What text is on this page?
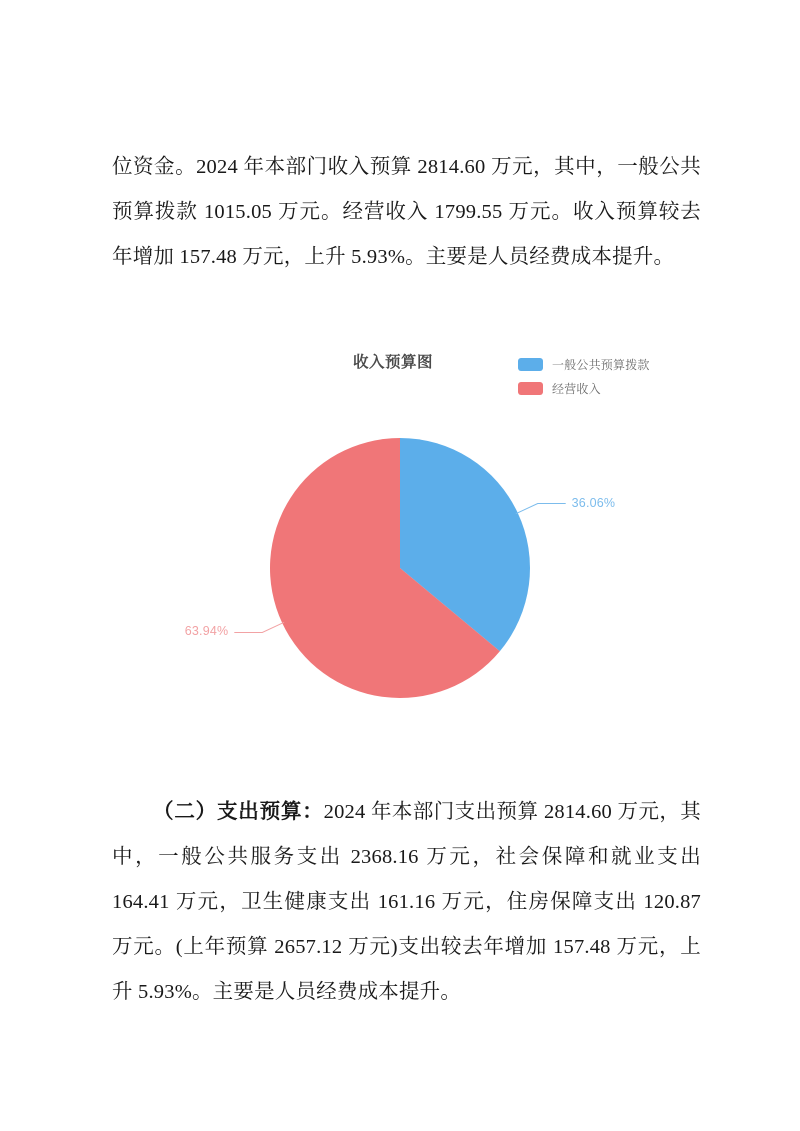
位资金。2024 年本部门收入预算 2814.60 万元，其中，一般公共预算拨款 1015.05 万元。经营收入 1799.55 万元。收入预算较去年增加 157.48 万元，上升 5.93%。主要是人员经费成本提升。
收入预算图	一般公共预算拨款
经营收入
36.06%
63.94%
（二）支出预算：2024 年本部门支出预算 2814.60 万元，其中，一般公共服务支出 2368.16 万元，社会保障和就业支出 164.41 万元，卫生健康支出 161.16 万元，住房保障支出 120.87 万元。(上年预算 2657.12 万元)支出较去年增加 157.48 万元，上升 5.93%。主要是人员经费成本提升。
